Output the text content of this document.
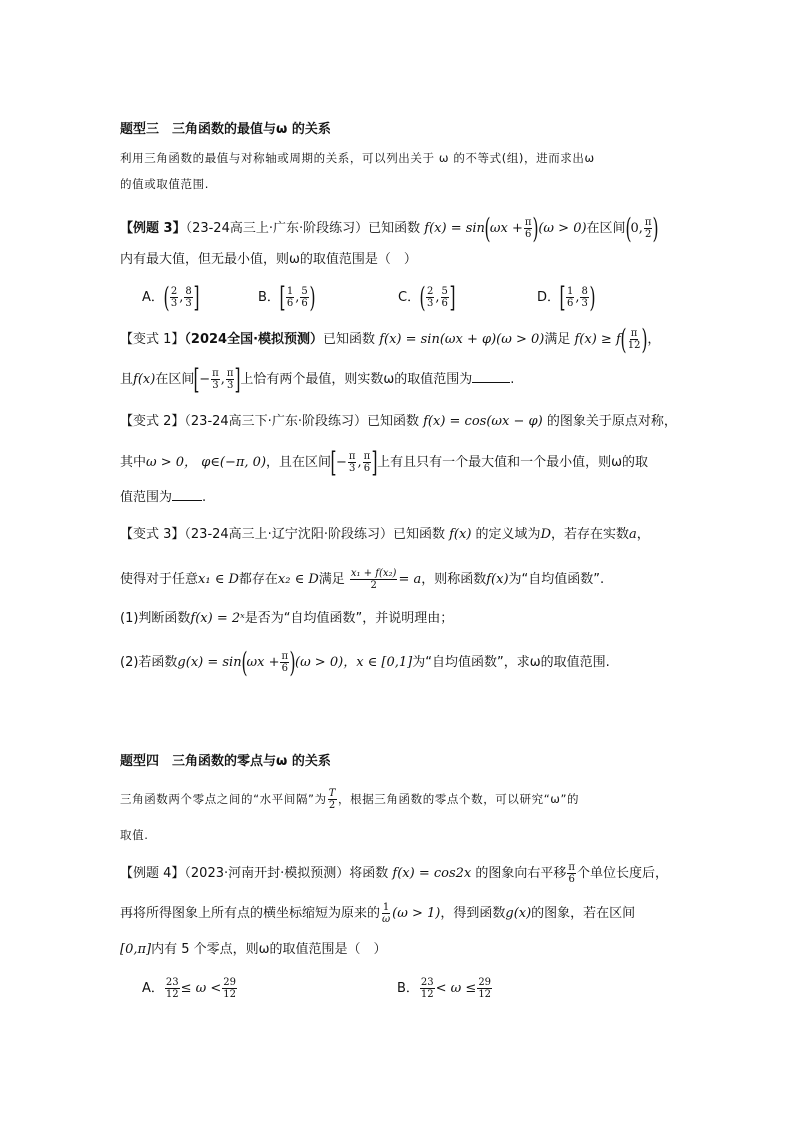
题型三　三角函数的最值与ω 的关系
利用三角函数的最值与对称轴或周期的关系，可以列出关于 ω 的不等式(组)，进而求出ω
的值或取值范围.
【例题 3】（23-24高三上·广东·阶段练习）已知函数 $f(x) = \sin(\omega x + \frac{\pi}{6} )(\omega > 0)$在区间(0, $\frac{\pi}{2}$ )
内有最大值，但无最小值，则ω的取值范围是（　）
A．( $\frac{2}{3}$ , $\frac{8}{3}$ ]	B．[ $\frac{1}{6}$ , $\frac{5}{6}$ )	C．( $\frac{2}{3}$ , $\frac{5}{6}$ ]	D．[ $\frac{1}{6}$ , $\frac{8}{3}$ )
【变式 1】（2024全国·模拟预测）已知函数 f(x) = sin(ωx + φ)(ω > 0)满足 $f(x) \ge f( \frac{\pi}{12}$ )，
且f(x)在区间[− $\frac{\pi}{3}$ , $\frac{\pi}{3}$ ]上恰有两个最值，则实数ω的取值范围为	.
【变式 2】（23-24高三下·广东·阶段练习）已知函数 f(x) = cos(ωx − φ) 的图象关于原点对称，
其中ω > 0， φ∈(−π, 0)，且在区间[− $\frac{\pi}{3}$ , $\frac{\pi}{6}$ ]上有且只有一个最大值和一个最小值，则ω的取
值范围为 .
【变式 3】（23-24高三上·辽宁沈阳·阶段练习）已知函数 f(x) 的定义域为D，若存在实数a，
使得对于任意x₁ ∈ D都存在x₂ ∈ D满足 $\frac{\text{x₁ + f(x₂)}}{2} = a$，则称函数f(x)为“自均值函数”.
(1)判断函数f(x) = 2ˣ是否为“自均值函数”，并说明理由；
(2)若函数$g(x) = \sin(\omega x + \frac{\pi}{6} )(\omega > 0)$，x ∈ [0,1]为“自均值函数”，求ω的取值范围.
题型四　三角函数的零点与ω 的关系
三角函数两个零点之间的“水平间隔”为 $\frac{T}{2}$ ，根据三角函数的零点个数，可以研究“ω”的
取值.
【例题 4】（2023·河南开封·模拟预测）将函数 f(x) = cos2x 的图象向右平移 $\frac{\pi}{6}$ 个单位长度后，
再将所得图象上所有点的横坐标缩短为原来的 $\frac{1}{\omega} (\omega > 1)$，得到函数g(x)的图象，若在区间
[0,π]内有 5 个零点，则ω的取值范围是（　）
A． $\frac{23}{12} \le \omega < \frac{29}{12}$	B． $\frac{23}{12} < \omega \le \frac{29}{12}$
